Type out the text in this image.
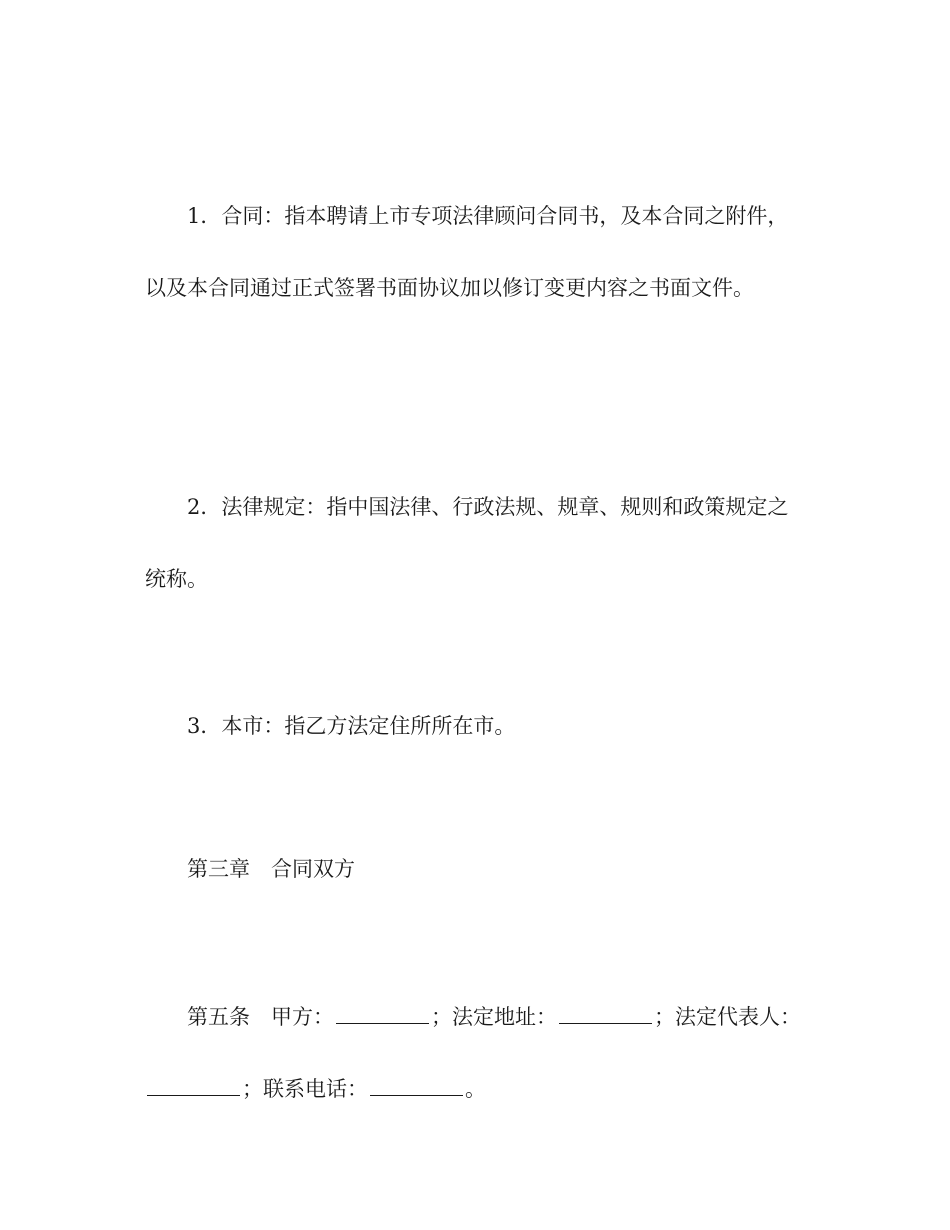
1．合同：指本聘请上市专项法律顾问合同书，及本合同之附件，以及本合同通过正式签署书面协议加以修订变更内容之书面文件。

2．法律规定：指中国法律、行政法规、规章、规则和政策规定之统称。

3．本市：指乙方法定住所所在市。

第三章　合同双方

第五条　甲方：	；法定地址：	；法定代表人：；联系电话：	。
